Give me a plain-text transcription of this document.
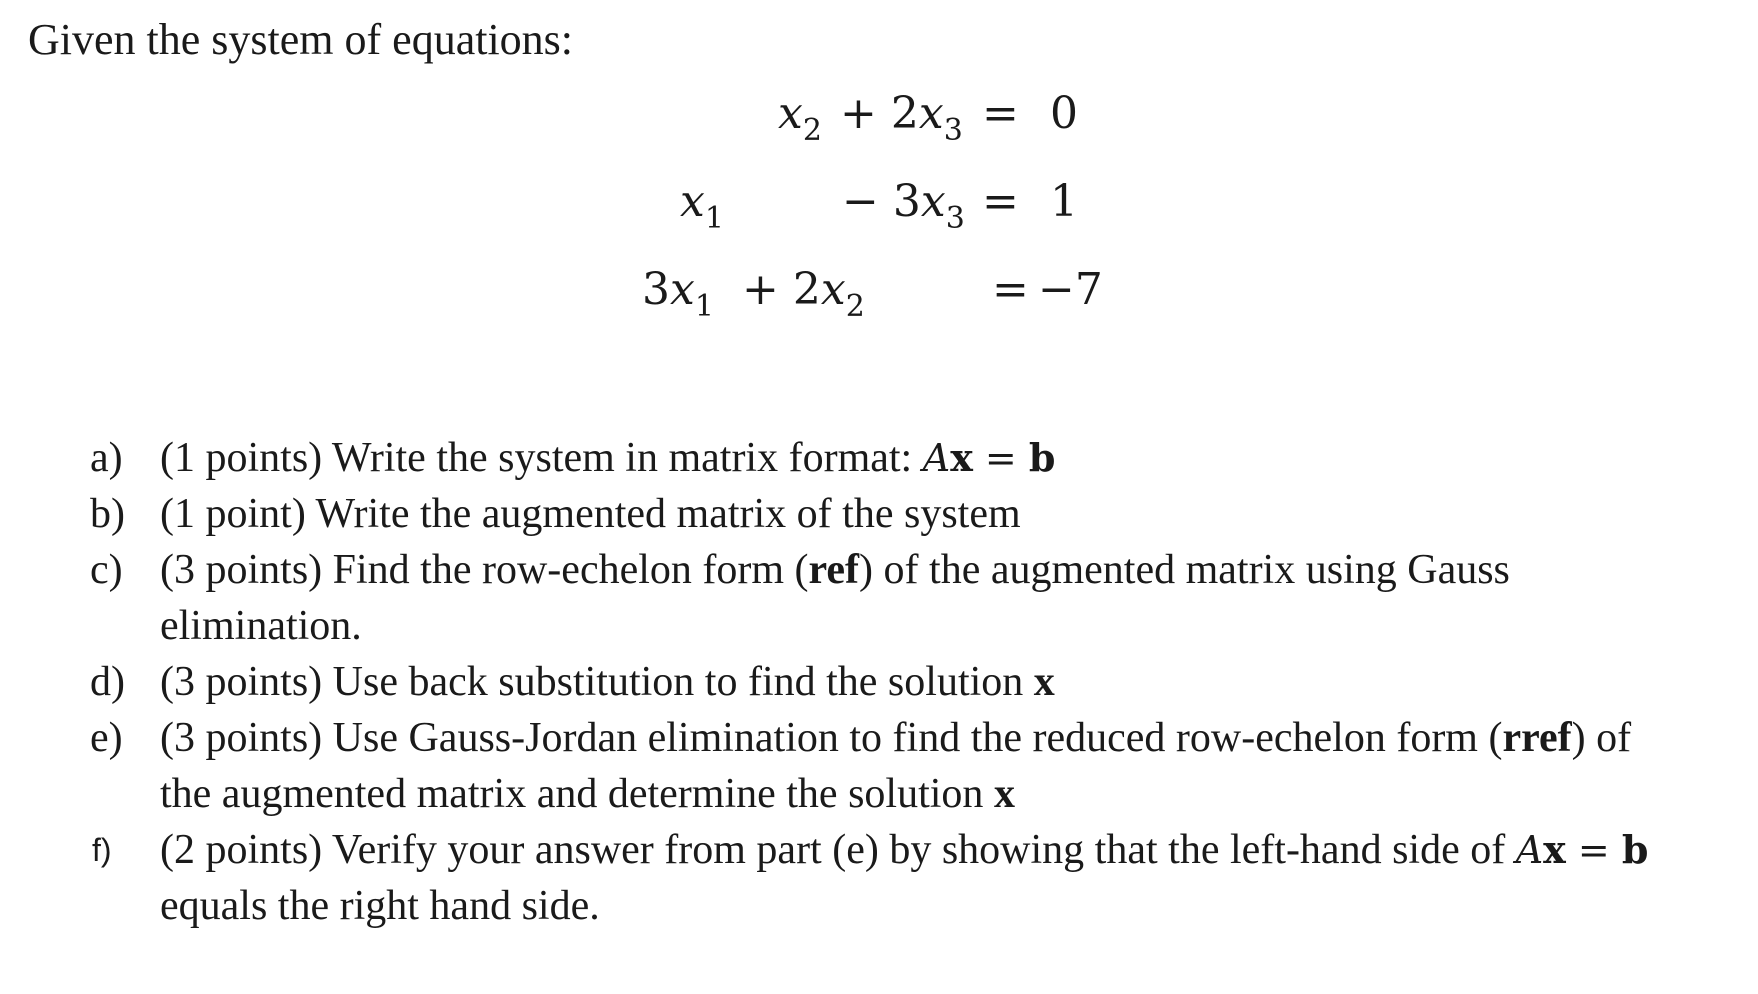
Given the system of equations:
$x_2 + 2x_3 = 0$
$x_1$	− $3x_3 = 1$
$3x_1 + 2x_2$	= −7
a) (1 points) Write the system in matrix format: Ax = b
b) (1 point) Write the augmented matrix of the system
c) (3 points) Find the row-echelon form (ref) of the augmented matrix using Gauss elimination.
d) (3 points) Use back substitution to find the solution x
e) (3 points) Use Gauss-Jordan elimination to find the reduced row-echelon form (rref) of the augmented matrix and determine the solution x
f) (2 points) Verify your answer from part (e) by showing that the left-hand side of Ax = b equals the right hand side.
